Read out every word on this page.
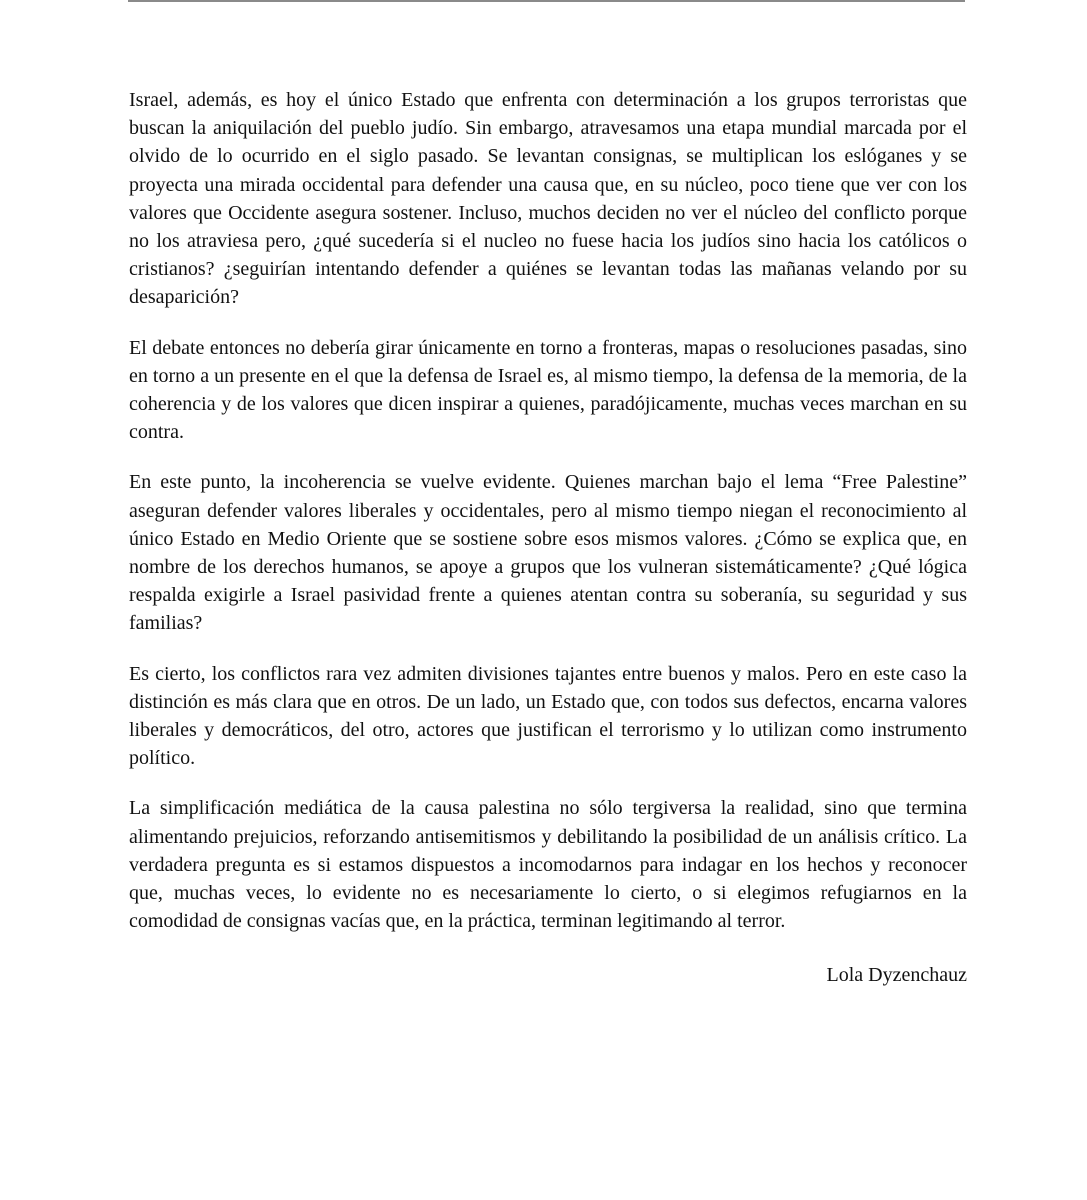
Israel, además, es hoy el único Estado que enfrenta con determinación a los grupos terroristas que buscan la aniquilación del pueblo judío. Sin embargo, atravesamos una etapa mundial marcada por el olvido de lo ocurrido en el siglo pasado. Se levantan consignas, se multiplican los eslóganes y se proyecta una mirada occidental para defender una causa que, en su núcleo, poco tiene que ver con los valores que Occidente asegura sostener. Incluso, muchos deciden no ver el núcleo del conflicto porque no los atraviesa pero, ¿qué sucedería si el nucleo no fuese hacia los judíos sino hacia los católicos o cristianos? ¿seguirían intentando defender a quiénes se levantan todas las mañanas velando por su desaparición?

El debate entonces no debería girar únicamente en torno a fronteras, mapas o resoluciones pasadas, sino en torno a un presente en el que la defensa de Israel es, al mismo tiempo, la defensa de la memoria, de la coherencia y de los valores que dicen inspirar a quienes, paradójicamente, muchas veces marchan en su contra.

En este punto, la incoherencia se vuelve evidente. Quienes marchan bajo el lema “Free Palestine” aseguran defender valores liberales y occidentales, pero al mismo tiempo niegan el reconocimiento al único Estado en Medio Oriente que se sostiene sobre esos mismos valores. ¿Cómo se explica que, en nombre de los derechos humanos, se apoye a grupos que los vulneran sistemáticamente? ¿Qué lógica respalda exigirle a Israel pasividad frente a quienes atentan contra su soberanía, su seguridad y sus familias?

Es cierto, los conflictos rara vez admiten divisiones tajantes entre buenos y malos. Pero en este caso la distinción es más clara que en otros. De un lado, un Estado que, con todos sus defectos, encarna valores liberales y democráticos, del otro, actores que justifican el terrorismo y lo utilizan como instrumento político.

La simplificación mediática de la causa palestina no sólo tergiversa la realidad, sino que termina alimentando prejuicios, reforzando antisemitismos y debilitando la posibilidad de un análisis crítico. La verdadera pregunta es si estamos dispuestos a incomodarnos para indagar en los hechos y reconocer que, muchas veces, lo evidente no es necesariamente lo cierto, o si elegimos refugiarnos en la comodidad de consignas vacías que, en la práctica, terminan legitimando al terror.

Lola Dyzenchauz
